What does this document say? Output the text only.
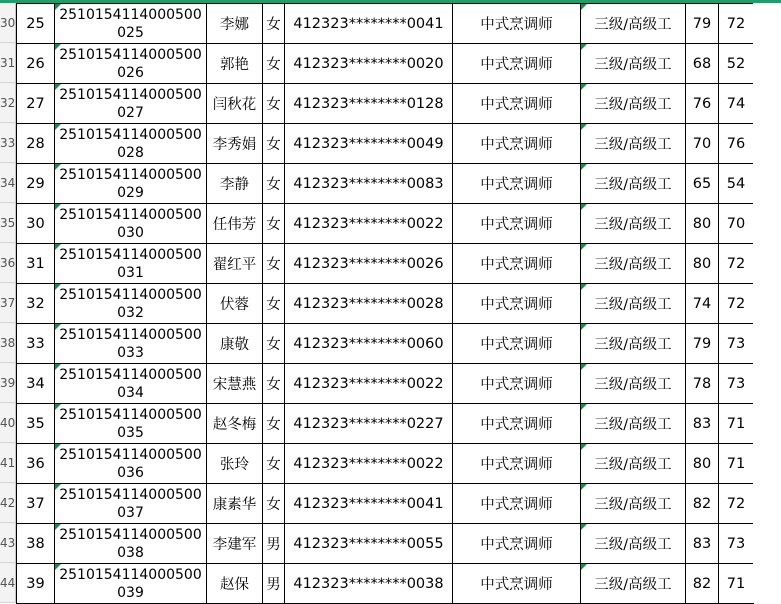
30
31
32
33
34
35
36
37
38
39
40
41
42
43
44
25	2510154114000500025	李娜	女	412323********0041	中式烹调师	三级/高级工	79	72
26	2510154114000500026	郭艳	女	412323********0020	中式烹调师	三级/高级工	68	52
27	2510154114000500027	闫秋花	女	412323********0128	中式烹调师	三级/高级工	76	74
28	2510154114000500028	李秀娟	女	412323********0049	中式烹调师	三级/高级工	70	76
29	2510154114000500029	李静	女	412323********0083	中式烹调师	三级/高级工	65	54
30	2510154114000500030	任伟芳	女	412323********0022	中式烹调师	三级/高级工	80	70
31	2510154114000500031	翟红平	女	412323********0026	中式烹调师	三级/高级工	80	72
32	2510154114000500032	伏蓉	女	412323********0028	中式烹调师	三级/高级工	74	72
33	2510154114000500033	康敬	女	412323********0060	中式烹调师	三级/高级工	79	73
34	2510154114000500034	宋慧燕	女	412323********0022	中式烹调师	三级/高级工	78	73
35	2510154114000500035	赵冬梅	女	412323********0227	中式烹调师	三级/高级工	83	71
36	2510154114000500036	张玲	女	412323********0022	中式烹调师	三级/高级工	80	71
37	2510154114000500037	康素华	女	412323********0041	中式烹调师	三级/高级工	82	72
38	2510154114000500038	李建军	男	412323********0055	中式烹调师	三级/高级工	83	73
39	2510154114000500039	赵保	男	412323********0038	中式烹调师	三级/高级工	82	71
